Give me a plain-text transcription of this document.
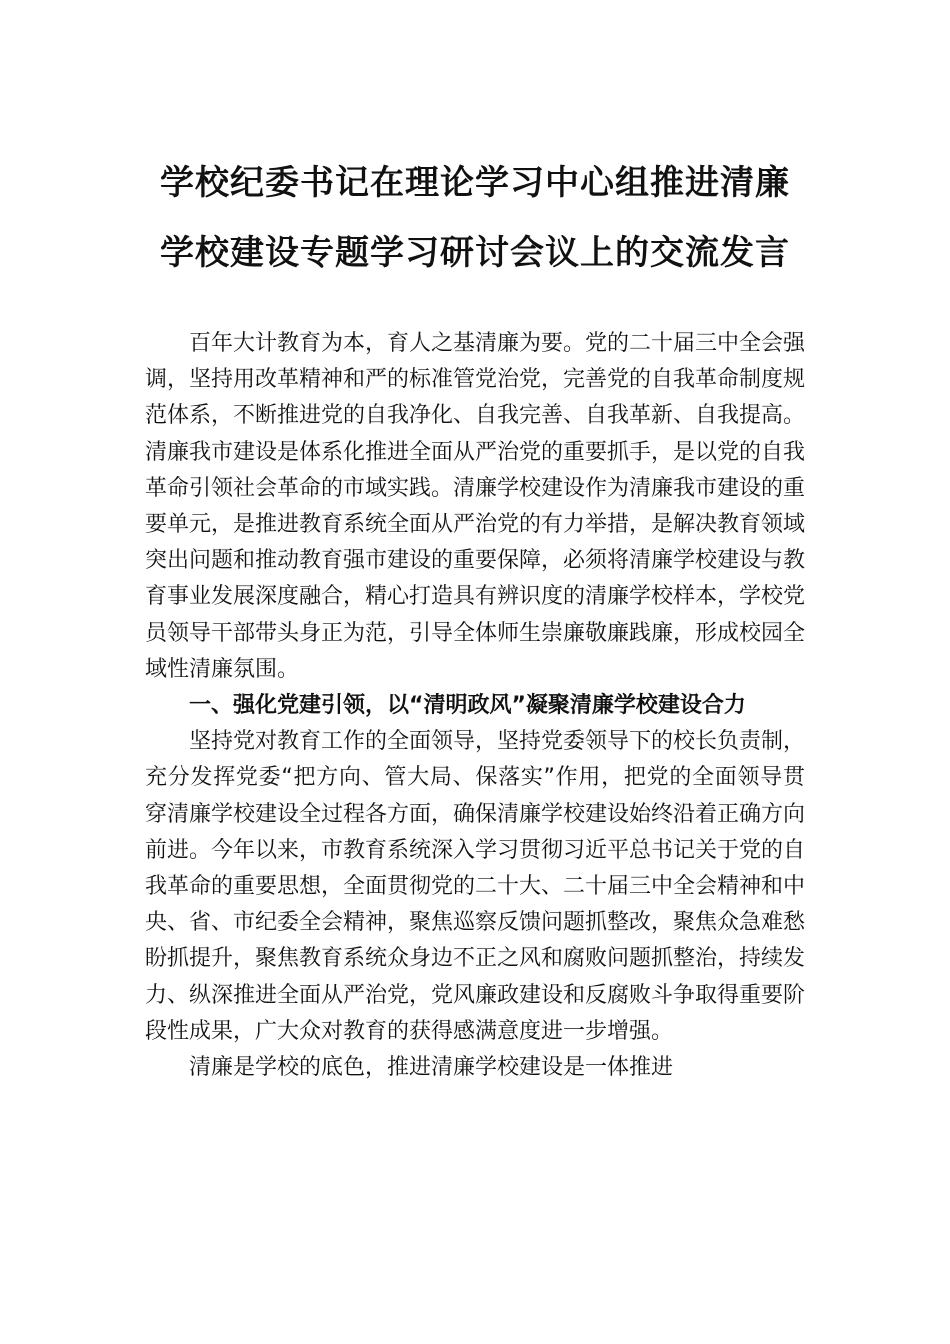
学校纪委书记在理论学习中心组推进清廉
学校建设专题学习研讨会议上的交流发言

百年大计教育为本，育人之基清廉为要。党的二十届三中全会强调，坚持用改革精神和严的标准管党治党，完善党的自我革命制度规范体系，不断推进党的自我净化、自我完善、自我革新、自我提高。清廉我市建设是体系化推进全面从严治党的重要抓手，是以党的自我革命引领社会革命的市域实践。清廉学校建设作为清廉我市建设的重要单元，是推进教育系统全面从严治党的有力举措，是解决教育领域突出问题和推动教育强市建设的重要保障，必须将清廉学校建设与教育事业发展深度融合，精心打造具有辨识度的清廉学校样本，学校党员领导干部带头身正为范，引导全体师生崇廉敬廉践廉，形成校园全域性清廉氛围。

一、强化党建引领，以“清明政风”凝聚清廉学校建设合力

坚持党对教育工作的全面领导，坚持党委领导下的校长负责制，充分发挥党委“把方向、管大局、保落实”作用，把党的全面领导贯穿清廉学校建设全过程各方面，确保清廉学校建设始终沿着正确方向前进。今年以来，市教育系统深入学习贯彻习近平总书记关于党的自我革命的重要思想，全面贯彻党的二十大、二十届三中全会精神和中央、省、市纪委全会精神，聚焦巡察反馈问题抓整改，聚焦众急难愁盼抓提升，聚焦教育系统众身边不正之风和腐败问题抓整治，持续发力、纵深推进全面从严治党，党风廉政建设和反腐败斗争取得重要阶段性成果，广大众对教育的获得感满意度进一步增强。

清廉是学校的底色，推进清廉学校建设是一体推进
